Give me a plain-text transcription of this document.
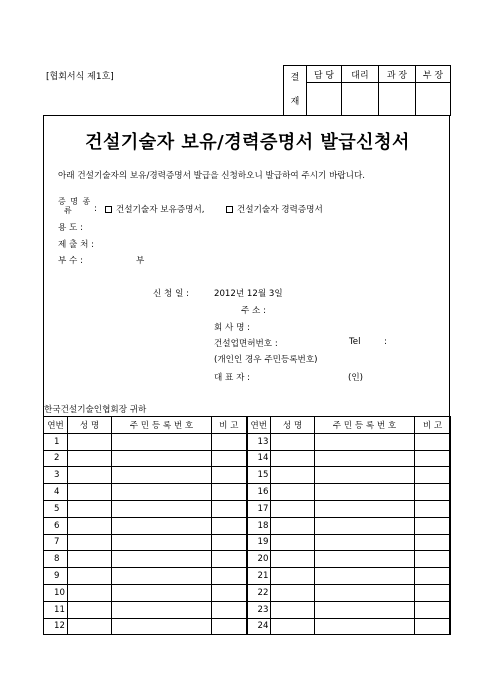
[협회서식 제1호]	결
재	담 당	대리	과 장	부 장

건설기술자 보유/경력증명서 발급신청서
아래 건설기술자의 보유/경력증명서 발급을 신청하오니 발급하여 주시기 바랍니다.
증 명 종
류	:	건설기술자 보유증명서,	건설기술자 경력증명서
용 도 :
제 출 처 :
부 수 :	부
신 청 일 :	2012년 12월 3일
주 소 :
회 사 명 :
건설업면허번호 :	Tel	:
(개인인 경우 주민등록번호)
대 표 자 :	(인)
한국건설기술인협회장 귀하
연번	성 명	주 민 등 록 번 호	비 고	연번	성 명	주 민 등 록 번 호	비 고
1				13			
2				14			
3				15			
4				16			
5				17			
6				18			
7				19			
8				20			
9				21			
10				22			
11				23			
12				24			
